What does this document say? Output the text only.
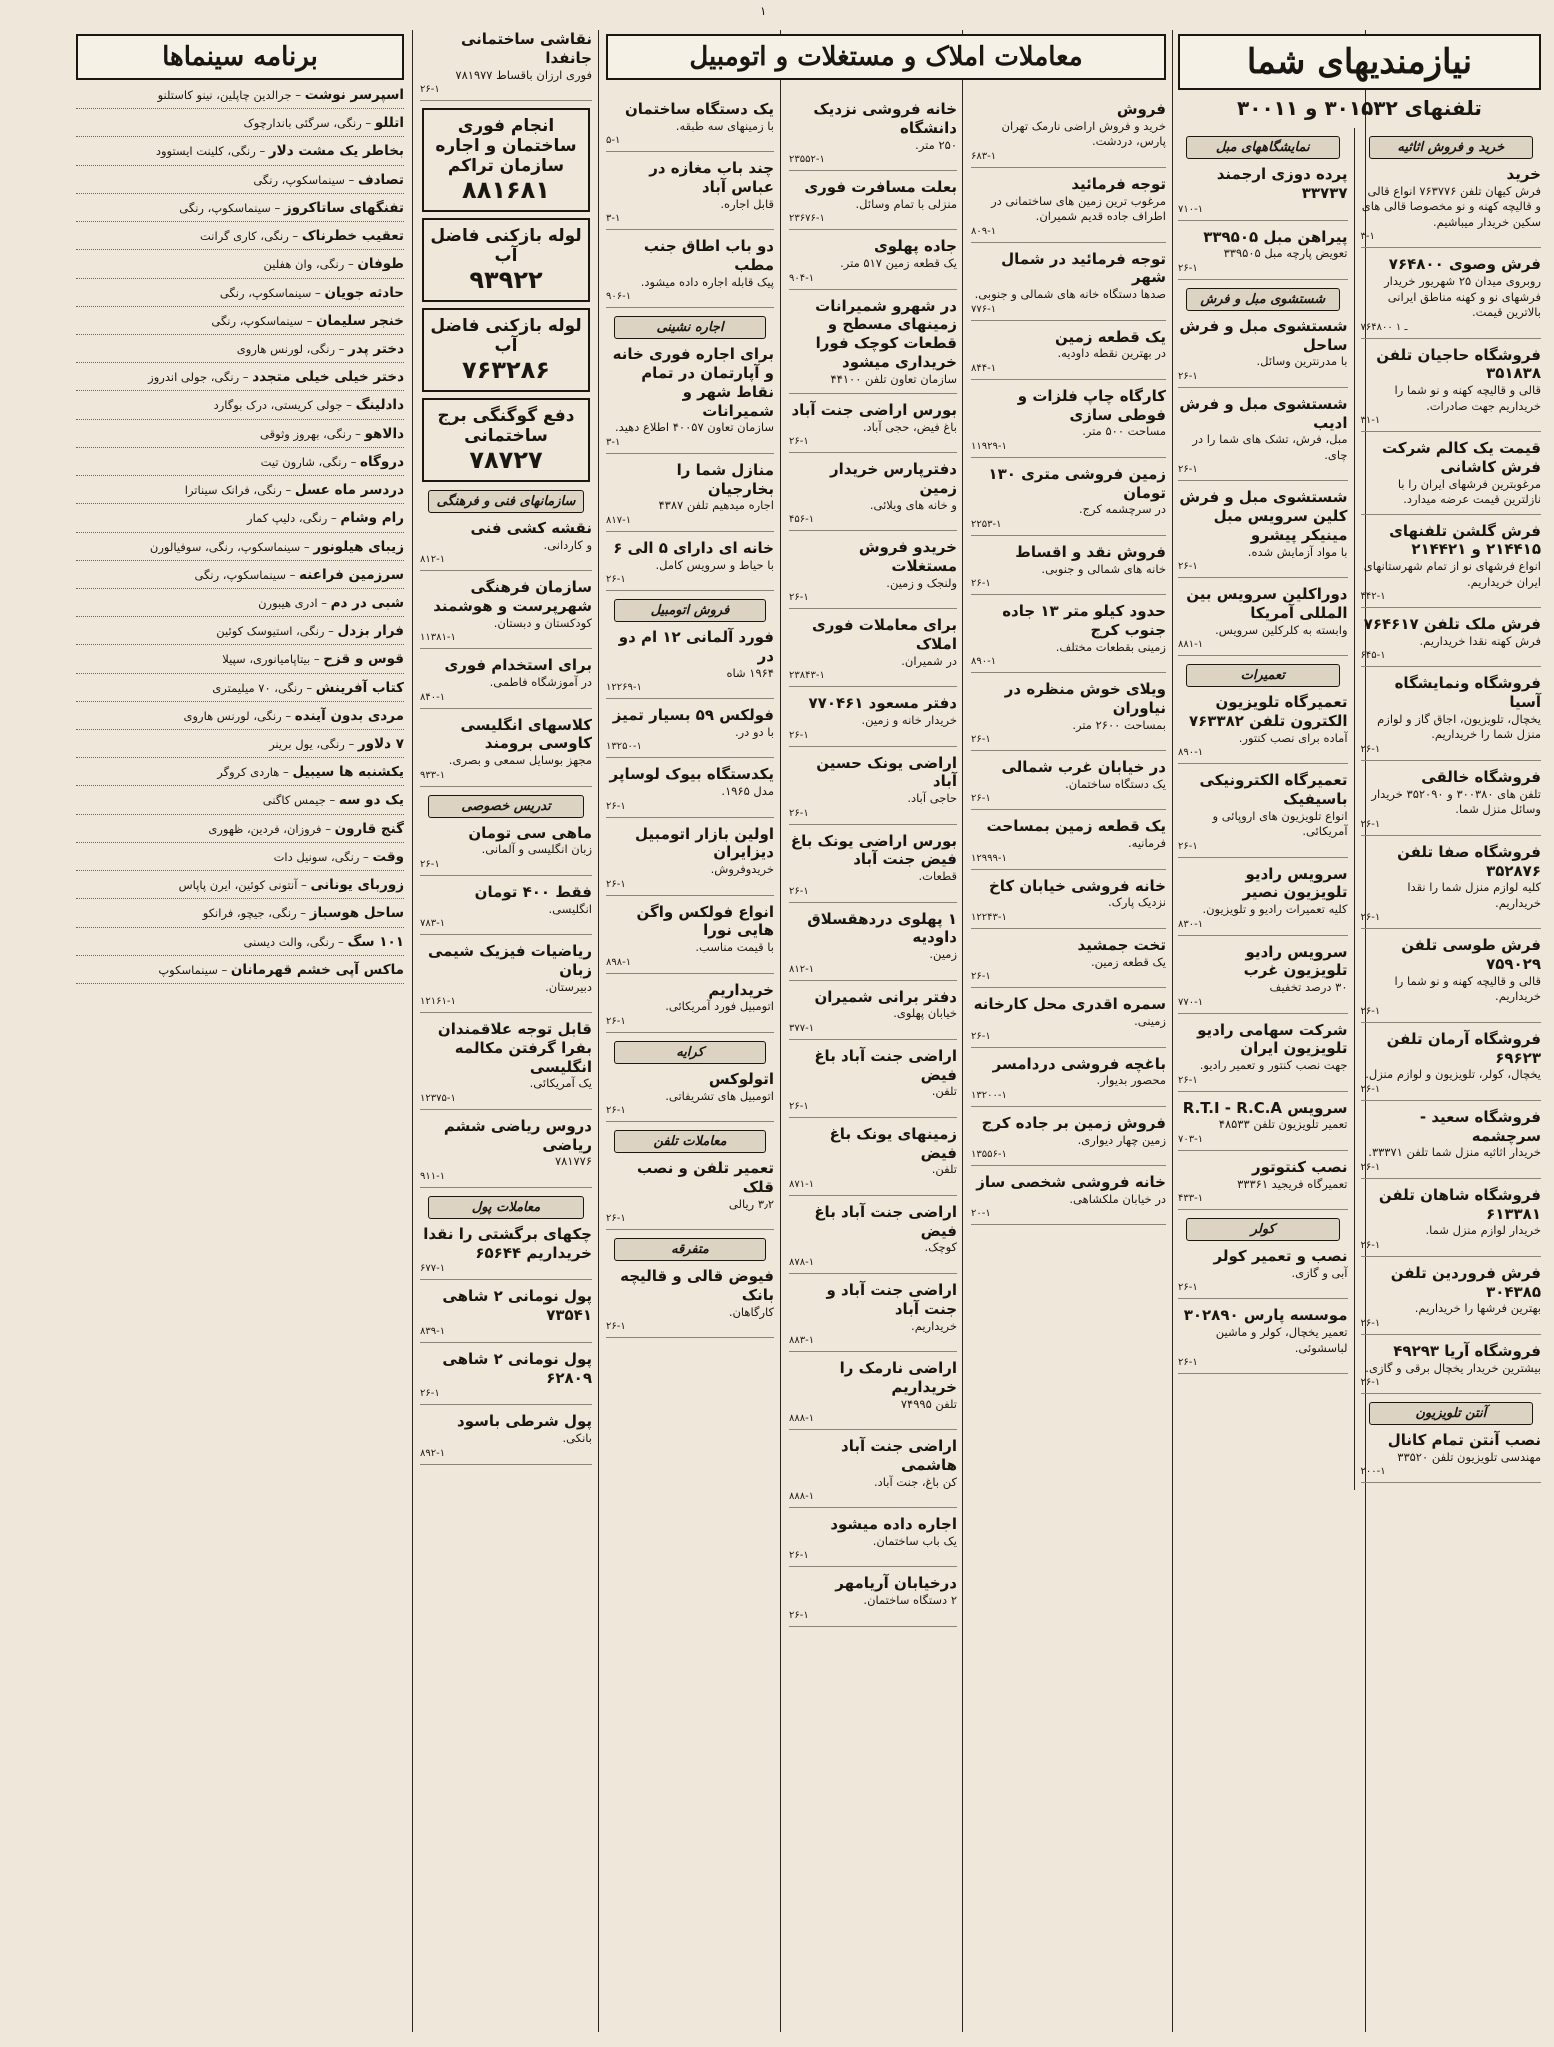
۱
نیازمندیهای شما
تلفنهای ۳۰۱۵۳۲ و ۳۰۰۱۱
خرید و فروش اثاثیه
خرید
فرش کیهان تلفن ۷۶۳۷۷۶ انواع قالی و قالیچه کهنه و نو مخصوصا قالی های سکین خریدار میباشیم.
۳-۱
فرش وصوی ۷۶۴۸۰۰
روبروی میدان ۲۵ شهریور خریدار فرشهای نو و کهنه مناطق ایرانی بالاترین قیمت.
۷۶۴۸۰۰ ـ ۱
فروشگاه حاجیان تلفن ۳۵۱۸۳۸
قالی و قالیچه کهنه و نو شما را خریداریم جهت صادرات.
۳۱-۱
قیمت یک کالم شرکت فرش کاشانی
مرغوبترین فرشهای ایران را با نازلترین قیمت عرضه میدارد.
فرش گلشن تلفنهای ۲۱۴۴۱۵ و ۲۱۴۴۲۱
انواع فرشهای نو از تمام شهرستانهای ایران خریداریم.
۴۴۲-۱
فرش ملک تلفن ۷۶۴۶۱۷
فرش کهنه نقدا خریداریم.
۶۴۵-۱
فروشگاه ونمایشگاه آسیا
یخچال، تلویزیون، اجاق گاز و لوازم منزل شما را خریداریم.
۲۶-۱
فروشگاه خالقی
تلفن های ۳۰۰۳۸۰ و ۳۵۲۰۹۰ خریدار وسائل منزل شما.
۲۶-۱
فروشگاه صفا تلفن ۳۵۲۸۷۶
کلیه لوازم منزل شما را نقدا خریداریم.
۲۶-۱
فرش طوسی تلفن ۷۵۹۰۲۹
قالی و قالیچه کهنه و نو شما را خریداریم.
۲۶-۱
فروشگاه آرمان تلفن ۶۹۶۲۳
یخچال، کولر، تلویزیون و لوازم منزل.
۲۶-۱
فروشگاه سعید - سرچشمه
خریدار اثاثیه منزل شما تلفن ۳۳۳۷۱.
۲۶-۱
فروشگاه شاهان تلفن ۶۱۳۳۸۱
خریدار لوازم منزل شما.
۲۶-۱
فرش فروردین تلفن ۳۰۴۳۸۵
بهترین فرشها را خریداریم.
۲۶-۱
فروشگاه آریا ۴۹۲۹۳
بیشترین خریدار یخچال برقی و گازی.
۲۶-۱
آنتن تلویزیون
نصب آنتن تمام کانال
مهندسی تلویزیون تلفن ۳۳۵۲۰
۲۰۰-۱
نمایشگاههای مبل
پرده دوزی ارجمند ۳۳۷۳۷
۷۱۰-۱
پیراهن مبل ۳۳۹۵۰۵
تعویض پارچه مبل ۳۳۹۵۰۵
۲۶-۱
شستشوی مبل و فرش
شستشوی مبل و فرش ساحل
با مدرنترین وسائل.
۲۶-۱
شستشوی مبل و فرش ادیب
مبل، فرش، تشک های شما را در چای.
۲۶-۱
شستشوی مبل و فرش کلین سرویس مبل مینیکر پیشرو
با مواد آزمایش شده.
۲۶-۱
دوراکلین سرویس بین المللی آمریکا
وابسته به کلرکلین سرویس.
۸۸۱-۱
تعمیرات
تعمیرگاه تلویزیون الکترون تلفن ۷۶۳۳۸۲
آماده برای نصب کنتور.
۸۹۰-۱
تعمیرگاه الکترونیکی باسیفیک
انواع تلویزیون های اروپائی و آمریکائی.
۲۶-۱
سرویس رادیو تلویزیون نصیر
کلیه تعمیرات رادیو و تلویزیون.
۸۳۰-۱
سرویس رادیو تلویزیون غرب
۳۰ درصد تخفیف
۷۷۰-۱
شرکت سهامی رادیو تلویزیون ایران
جهت نصب کنتور و تعمیر رادیو.
۲۶-۱
سرویس R.T.I - R.C.A
تعمیر تلویزیون تلفن ۴۸۵۳۳
۷۰۳-۱
نصب کنتوتور
تعمیرگاه فریجید ۳۳۳۶۱
۴۳۳-۱
کولر
نصب و تعمیر کولر
آبی و گازی.
۲۶-۱
موسسه پارس ۳۰۲۸۹۰
تعمیر یخچال، کولر و ماشین لباسشوئی.
۲۶-۱
معاملات املاک و مستغلات و اتومبیل
فروش
خرید و فروش اراضی نارمک تهران پارس، دردشت.
۶۸۳-۱
توجه فرمائید
مرغوب ترین زمین های ساختمانی در اطراف جاده قدیم شمیران.
۸۰۹-۱
توجه فرمائید در شمال شهر
صدها دستگاه خانه های شمالی و جنوبی.
۷۷۶-۱
یک قطعه زمین
در بهترین نقطه داودیه.
۸۴۴-۱
کارگاه چاپ فلزات و فوطی سازی
مساحت ۵۰۰ متر.
۱۱۹۲۹-۱
زمین فروشی متری ۱۳۰ تومان
در سرچشمه کرج.
۲۲۵۳-۱
فروش نقد و اقساط
خانه های شمالی و جنوبی.
۲۶-۱
حدود کیلو متر ۱۳ جاده جنوب کرج
زمینی بقطعات مختلف.
۸۹۰-۱
ویلای خوش منظره در نیاوران
بمساحت ۲۶۰۰ متر.
۲۶-۱
در خیابان غرب شمالی
یک دستگاه ساختمان.
۲۶-۱
یک قطعه زمین بمساحت
فرمانیه.
۱۲۹۹۹-۱
خانه فروشی خیابان کاخ
نزدیک پارک.
۱۲۲۴۳-۱
تخت جمشید
یک قطعه زمین.
۲۶-۱
سمره اقدری محل کارخانه
زمینی.
۲۶-۱
باغچه فروشی دردامسر
محصور بدیوار.
۱۳۲۰۰-۱
فروش زمین بر جاده کرج
زمین چهار دیواری.
۱۳۵۵۶-۱
خانه فروشی شخصی ساز
در خیابان ملکشاهی.
۲۰-۱
خانه فروشی نزدیک دانشگاه
۲۵۰ متر.
۲۳۵۵۲-۱
بعلت مسافرت فوری
منزلی با تمام وسائل.
۲۳۶۷۶-۱
جاده پهلوی
یک قطعه زمین ۵۱۷ متر.
۹۰۴-۱
در شهرو شمیرانات زمینهای مسطح و قطعات کوچک فورا خریداری میشود
سازمان تعاون تلفن ۴۴۱۰۰
بورس اراضی جنت آباد
باغ فیض، حجی آباد.
۲۶-۱
دفترپارس خریدار زمین
و خانه های ویلائی.
۴۵۶-۱
خریدو فروش مستغلات
ولنجک و زمین.
۲۶-۱
برای معاملات فوری املاک
در شمیران.
۲۳۸۴۳-۱
دفتر مسعود ۷۷۰۴۶۱
خریدار خانه و زمین.
۲۶-۱
اراضی یونک حسین آباد
حاجی آباد.
۲۶-۱
بورس اراضی یونک باغ فیض جنت آباد
قطعات.
۲۶-۱
۱ پهلوی دردهقسلاق داودیه
زمین.
۸۱۲-۱
دفتر برانی شمیران
خیابان پهلوی.
۳۷۷-۱
اراضی جنت آباد باغ فیض
تلفن.
۲۶-۱
زمینهای یونک باغ فیض
تلفن.
۸۷۱-۱
اراضی جنت آباد باغ فیض
کوچک.
۸۷۸-۱
اراضی جنت آباد و جنت آباد
خریداریم.
۸۸۳-۱
اراضی نارمک را خریداریم
تلفن ۷۴۹۹۵
۸۸۸-۱
اراضی جنت آباد هاشمی
کن باغ، جنت آباد.
۸۸۸-۱
اجاره داده میشود
یک باب ساختمان.
۲۶-۱
درخیابان آریامهر
۲ دستگاه ساختمان.
۲۶-۱
یک دستگاه ساختمان
با زمینهای سه طبقه.
۵-۱
چند باب مغازه در عباس آباد
قابل اجاره.
۳-۱
دو باب اطاق جنب مطب
پیک قابله اجاره داده میشود.
۹۰۶-۱
اجاره نشینی
برای اجاره فوری خانه و آپارتمان در تمام نقاط شهر و شمیرانات
سازمان تعاون ۴۰۰۵۷ اطلاع دهید.
۳-۱
منازل شما را بخارجیان
اجاره میدهیم تلفن ۴۳۸۷
۸۱۷-۱
خانه ای دارای ۵ الی ۶
با حیاط و سرویس کامل.
۲۶-۱
فروش اتومبیل
فورد آلمانی ۱۲ ام دو در
۱۹۶۴ شاه
۱۲۲۶۹-۱
فولکس ۵۹ بسیار تمیز
با دو در.
۱۳۲۵۰-۱
یکدستگاه بیوک لوساپر
مدل ۱۹۶۵.
۲۶-۱
اولین بازار اتومبیل دیزایران
خریدوفروش.
۲۶-۱
انواع فولکس واگن هایی نورا
با قیمت مناسب.
۸۹۸-۱
خریداریم
اتومبیل فورد آمریکائی.
۲۶-۱
کرایه
اتولوکس
اتومبیل های تشریفاتی.
۲۶-۱
معاملات تلفن
تعمیر تلفن و نصب قلک
۳٫۲ ریالی
۲۶-۱
متفرقه
فیوض قالی و قالیچه بانک
کارگاهان.
۲۶-۱
نقاشی ساختمانی جانفدا
فوری ارزان باقساط ۷۸۱۹۷۷
۲۶-۱
انجام فوری ساختمان و اجاره سازمان تراکم
۸۸۱۶۸۱
لوله بازکنی فاضل آب
۹۳۹۲۲
لوله بازکنی فاضل آب
۷۶۳۲۸۶
دفع گوگنگی برج ساختمانی
۷۸۷۲۷
سازمانهای فنی و فرهنگی
نقشه کشی فنی
و کاردانی.
۸۱۲-۱
سازمان فرهنگی شهرپرست و هوشمند
کودکستان و دبستان.
۱۱۳۸۱-۱
برای استخدام فوری
در آموزشگاه فاطمی.
۸۴۰-۱
کلاسهای انگلیسی کاوسی برومند
مجهز بوسایل سمعی و بصری.
۹۳۳-۱
تدریس خصوصی
ماهی سی تومان
زبان انگلیسی و آلمانی.
۲۶-۱
فقط ۴۰۰ تومان
انگلیسی.
۷۸۳-۱
ریاضیات فیزیک شیمی زبان
دبیرستان.
۱۲۱۶۱-۱
قابل توجه علاقمندان بفرا گرفتن مکالمه انگلیسی
یک آمریکائی.
۱۲۳۷۵-۱
دروس ریاضی ششم ریاضی
۷۸۱۷۷۶
۹۱۱-۱
معاملات پول
چکهای برگشتی را نقدا خریداریم ۶۵۶۴۴
۶۷۷-۱
پول نومانی ۲ شاهی ۷۳۵۴۱
۸۳۹-۱
پول نومانی ۲ شاهی ۶۲۸۰۹
۲۶-۱
پول شرطی باسود
بانکی.
۸۹۲-۱
برنامه سینماها
اسپرسر نوشت – جرالدین چاپلین، نینو کاستلنو
اتللو – رنگی، سرگئی باندارچوک
بخاطر یک مشت دلار – رنگی، کلینت ایستوود
تصادف – سینماسکوپ، رنگی
تفنگهای ساتاکروز – سینماسکوپ، رنگی
تعقیب خطرناک – رنگی، کاری گرانت
طوفان – رنگی، وان هفلین
حادثه جویان – سینماسکوپ، رنگی
خنجر سلیمان – سینماسکوپ، رنگی
دختر پدر – رنگی، لورنس هاروی
دختر خیلی خیلی متجدد – رنگی، جولی اندروز
دادلینگ – جولی کریستی، درک بوگارد
دالاهو – رنگی، بهروز وثوقی
دروگاه – رنگی، شارون تیت
دردسر ماه عسل – رنگی، فرانک سیناترا
رام وشام – رنگی، دلیپ کمار
زیبای هیلونور – سینماسکوپ، رنگی، سوفیالورن
سرزمین فراعنه – سینماسکوپ، رنگی
شبی در دم – ادری هیبورن
فرار بزدل – رنگی، استیوسک کوئین
قوس و قزح – بیتاپامیانوری، سپیلا
کتاب آفرینش – رنگی، ۷۰ میلیمتری
مردی بدون آینده – رنگی، لورنس هاروی
۷ دلاور – رنگی، یول برینر
یکشنبه ها سیبیل – هاردی کروگر
یک دو سه – جیمس کاگنی
گنج قارون – فروزان، فردین، ظهوری
وقت – رنگی، سونیل دات
زوربای یونانی – آنتونی کوئین، ایرن پاپاس
ساحل هوسباز – رنگی، جیچو، فرانکو
۱۰۱ سگ – رنگی، والت دیسنی
ماکس آپی خشم قهرمانان – سینماسکوپ
